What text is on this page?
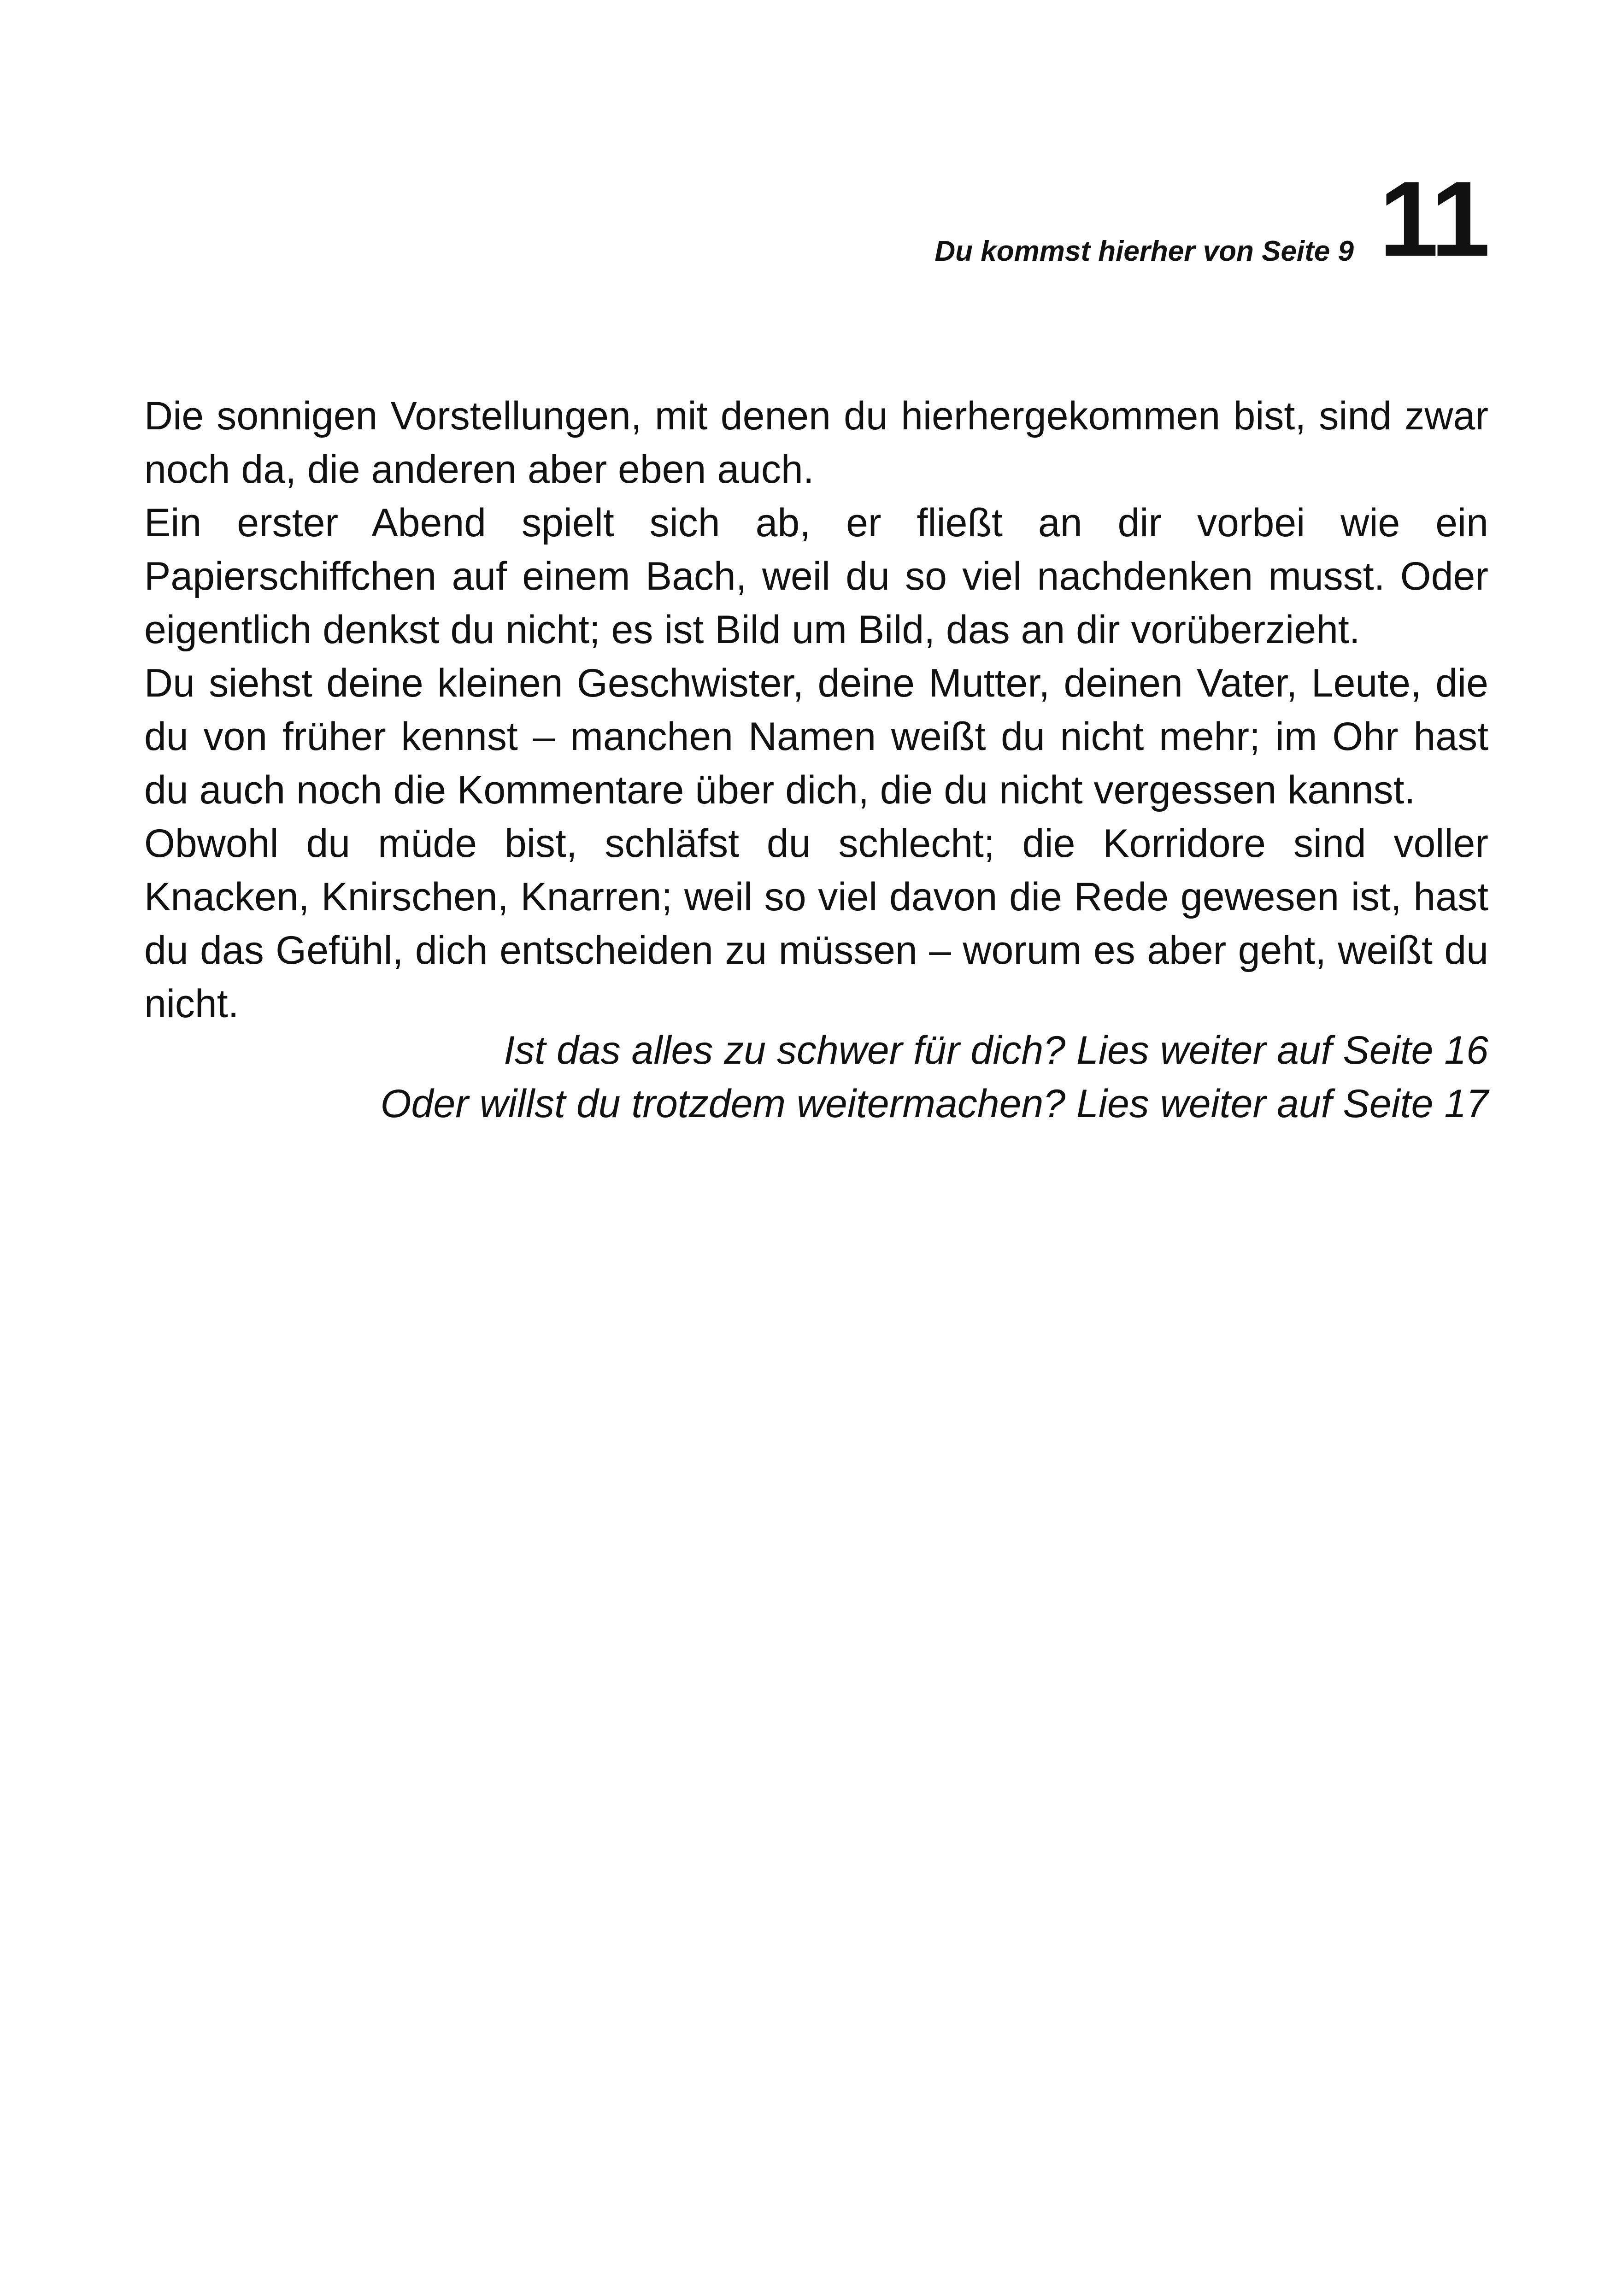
Du kommst hierher von Seite 9 11

Die sonnigen Vorstellungen, mit denen du hierhergekommen bist, sind zwar noch da, die anderen aber eben auch.

Ein erster Abend spielt sich ab, er fließt an dir vorbei wie ein Papierschiffchen auf einem Bach, weil du so viel nachdenken musst. Oder eigentlich denkst du nicht; es ist Bild um Bild, das an dir vorüberzieht.

Du siehst deine kleinen Geschwister, deine Mutter, deinen Vater, Leute, die du von früher kennst – manchen Namen weißt du nicht mehr; im Ohr hast du auch noch die Kommentare über dich, die du nicht vergessen kannst.

Obwohl du müde bist, schläfst du schlecht; die Korridore sind voller Knacken, Knirschen, Knarren; weil so viel davon die Rede gewesen ist, hast du das Gefühl, dich entscheiden zu müssen – worum es aber geht, weißt du nicht.

Ist das alles zu schwer für dich? Lies weiter auf Seite 16

Oder willst du trotzdem weitermachen? Lies weiter auf Seite 17
